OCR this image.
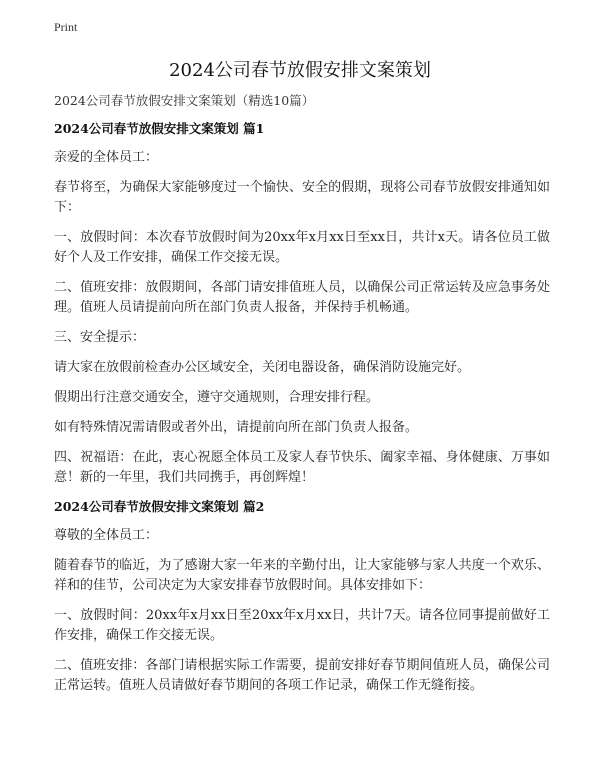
Print
2024公司春节放假安排文案策划

2024公司春节放假安排文案策划（精选10篇）

2024公司春节放假安排文案策划 篇1

亲爱的全体员工：

春节将至，为确保大家能够度过一个愉快、安全的假期，现将公司春节放假安排通知如下：

一、放假时间：本次春节放假时间为20xx年x月xx日至xx日，共计x天。请各位员工做好个人及工作安排，确保工作交接无误。

二、值班安排：放假期间，各部门请安排值班人员，以确保公司正常运转及应急事务处理。值班人员请提前向所在部门负责人报备，并保持手机畅通。

三、安全提示：

请大家在放假前检查办公区域安全，关闭电器设备，确保消防设施完好。

假期出行注意交通安全，遵守交通规则，合理安排行程。

如有特殊情况需请假或者外出，请提前向所在部门负责人报备。

四、祝福语：在此，衷心祝愿全体员工及家人春节快乐、阖家幸福、身体健康、万事如意！新的一年里，我们共同携手，再创辉煌！

2024公司春节放假安排文案策划 篇2

尊敬的全体员工：

随着春节的临近，为了感谢大家一年来的辛勤付出，让大家能够与家人共度一个欢乐、祥和的佳节，公司决定为大家安排春节放假时间。具体安排如下：

一、放假时间：20xx年x月xx日至20xx年x月xx日，共计7天。请各位同事提前做好工作安排，确保工作交接无误。

二、值班安排：各部门请根据实际工作需要，提前安排好春节期间值班人员，确保公司正常运转。值班人员请做好春节期间的各项工作记录，确保工作无缝衔接。
